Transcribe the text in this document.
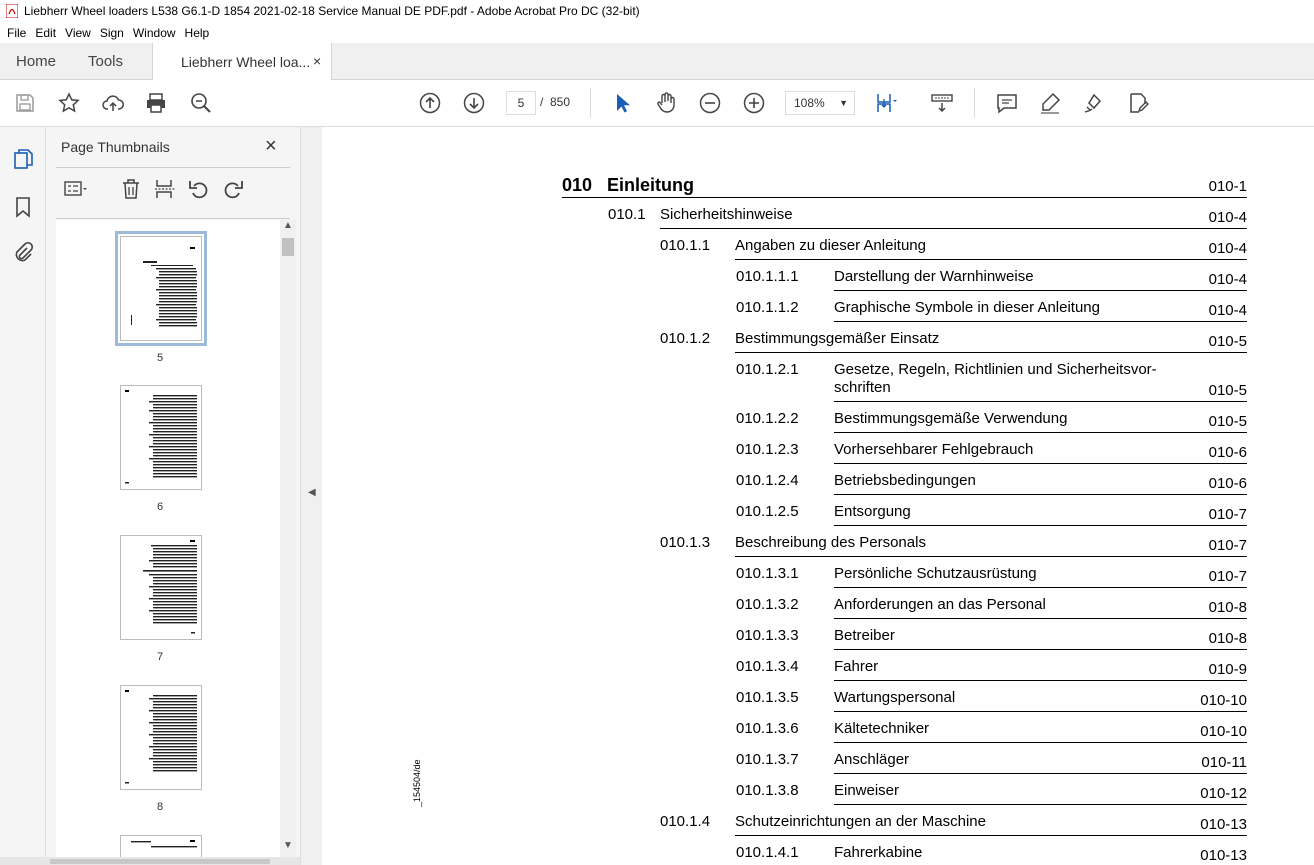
Liebherr Wheel loaders L538 G6.1-D 1854 2021-02-18 Service Manual DE PDF.pdf - Adobe Acrobat Pro DC (32-bit)
File Edit View Sign Window Help
Home Tools	Liebherr Wheel loa... ×
5	/ 850	108% ▼
Page Thumbnails	×
5
6
7
8
▲
▼
◀
010 Einleitung	010-1
010.1 Sicherheitshinweise	010-4
010.1.1 Angaben zu dieser Anleitung	010-4
010.1.1.1 Darstellung der Warnhinweise	010-4
010.1.1.2 Graphische Symbole in dieser Anleitung	010-4
010.1.2 Bestimmungsgemäßer Einsatz	010-5
010.1.2.1 Gesetze, Regeln, Richtlinien und Sicherheitsvor-
schriften	010-5
010.1.2.2 Bestimmungsgemäße Verwendung	010-5
010.1.2.3 Vorhersehbarer Fehlgebrauch	010-6
010.1.2.4 Betriebsbedingungen	010-6
010.1.2.5 Entsorgung	010-7
010.1.3 Beschreibung des Personals	010-7
010.1.3.1 Persönliche Schutzausrüstung	010-7
010.1.3.2 Anforderungen an das Personal	010-8
010.1.3.3 Betreiber	010-8
010.1.3.4 Fahrer	010-9
010.1.3.5 Wartungspersonal	010-10
010.1.3.6 Kältetechniker	010-10
010.1.3.7 Anschläger	010-11
010.1.3.8 Einweiser	010-12
010.1.4 Schutzeinrichtungen an der Maschine	010-13
010.1.4.1 Fahrerkabine	010-13
_154504/de
